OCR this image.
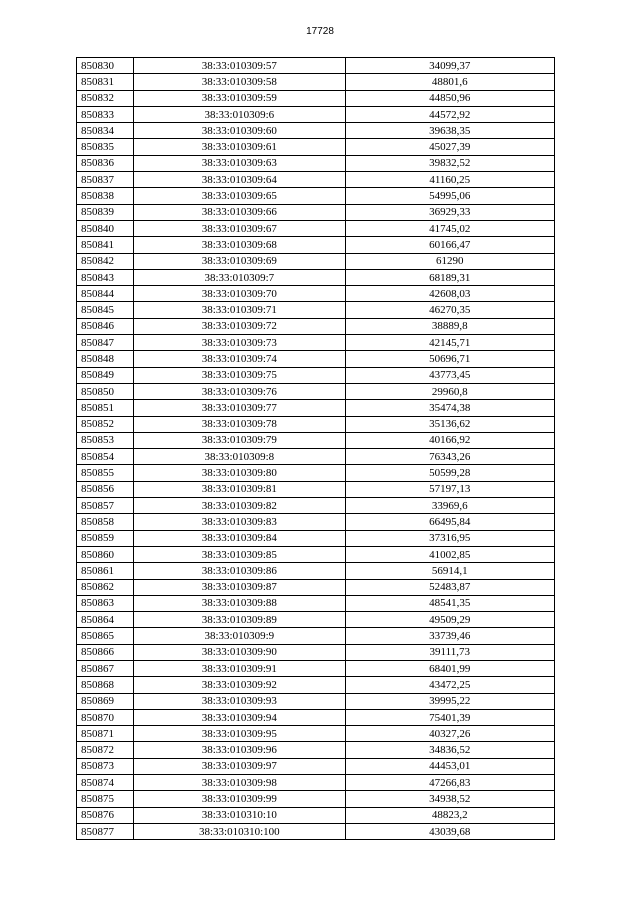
17728
850830	38:33:010309:57	34099,37
850831	38:33:010309:58	48801,6
850832	38:33:010309:59	44850,96
850833	38:33:010309:6	44572,92
850834	38:33:010309:60	39638,35
850835	38:33:010309:61	45027,39
850836	38:33:010309:63	39832,52
850837	38:33:010309:64	41160,25
850838	38:33:010309:65	54995,06
850839	38:33:010309:66	36929,33
850840	38:33:010309:67	41745,02
850841	38:33:010309:68	60166,47
850842	38:33:010309:69	61290
850843	38:33:010309:7	68189,31
850844	38:33:010309:70	42608,03
850845	38:33:010309:71	46270,35
850846	38:33:010309:72	38889,8
850847	38:33:010309:73	42145,71
850848	38:33:010309:74	50696,71
850849	38:33:010309:75	43773,45
850850	38:33:010309:76	29960,8
850851	38:33:010309:77	35474,38
850852	38:33:010309:78	35136,62
850853	38:33:010309:79	40166,92
850854	38:33:010309:8	76343,26
850855	38:33:010309:80	50599,28
850856	38:33:010309:81	57197,13
850857	38:33:010309:82	33969,6
850858	38:33:010309:83	66495,84
850859	38:33:010309:84	37316,95
850860	38:33:010309:85	41002,85
850861	38:33:010309:86	56914,1
850862	38:33:010309:87	52483,87
850863	38:33:010309:88	48541,35
850864	38:33:010309:89	49509,29
850865	38:33:010309:9	33739,46
850866	38:33:010309:90	39111,73
850867	38:33:010309:91	68401,99
850868	38:33:010309:92	43472,25
850869	38:33:010309:93	39995,22
850870	38:33:010309:94	75401,39
850871	38:33:010309:95	40327,26
850872	38:33:010309:96	34836,52
850873	38:33:010309:97	44453,01
850874	38:33:010309:98	47266,83
850875	38:33:010309:99	34938,52
850876	38:33:010310:10	48823,2
850877	38:33:010310:100	43039,68
